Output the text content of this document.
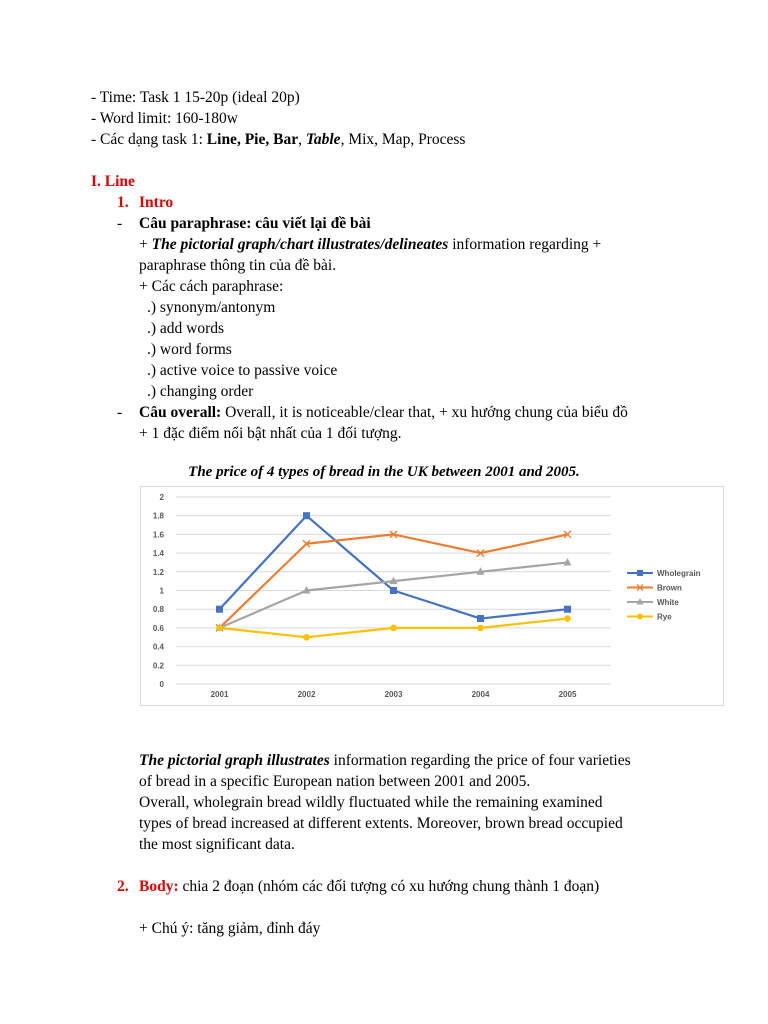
- Time: Task 1 15-20p (ideal 20p)
- Word limit: 160-180w
- Các dạng task 1: Line, Pie, Bar, Table, Mix, Map, Process
I. Line
1. Intro
- Câu paraphrase: câu viết lại đề bài
+ The pictorial graph/chart illustrates/delineates information regarding +
paraphrase thông tin của đề bài.
+ Các cách paraphrase:
.) synonym/antonym
.) add words
.) word forms
.) active voice to passive voice
.) changing order
- Câu overall: Overall, it is noticeable/clear that, + xu hướng chung của biểu đồ
+ 1 đặc điểm nổi bật nhất của 1 đối tượng.
The price of 4 types of bread in the UK between 2001 and 2005.
0
0.2
0.4
0.6
0.8
1
1.2
1.4
1.6
1.8
2
2001	2002	2003	2004	2005
Wholegrain
Brown
White
Rye
The pictorial graph illustrates information regarding the price of four varieties
of bread in a specific European nation between 2001 and 2005.
Overall, wholegrain bread wildly fluctuated while the remaining examined
types of bread increased at different extents. Moreover, brown bread occupied
the most significant data.
2. Body: chia 2 đoạn (nhóm các đối tượng có xu hướng chung thành 1 đoạn)
+ Chú ý: tăng giảm, đỉnh đáy
